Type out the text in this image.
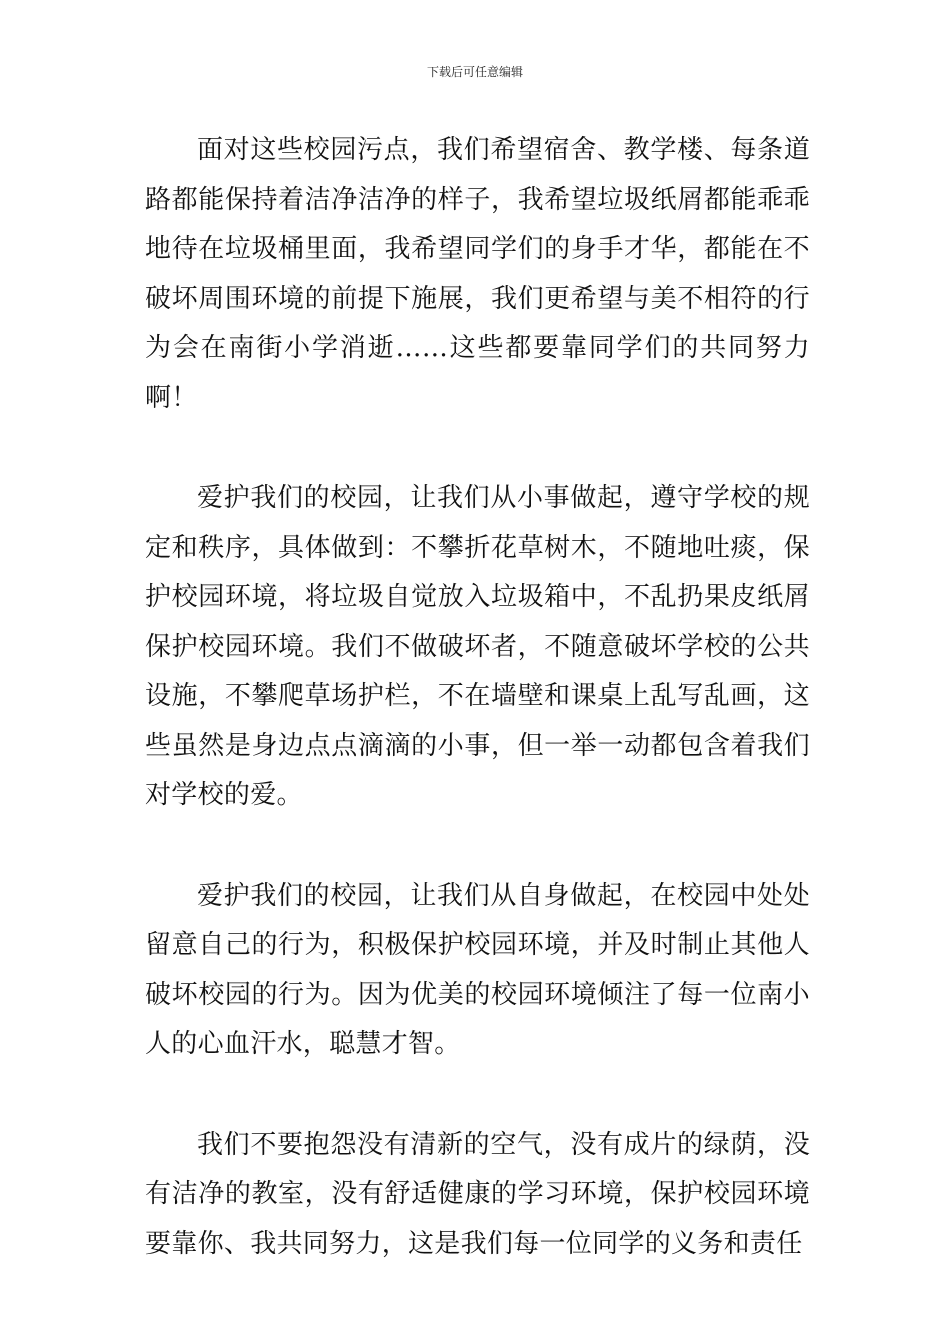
下载后可任意编辑

面对这些校园污点，我们希望宿舍、教学楼、每条道路都能保持着洁净洁净的样子，我希望垃圾纸屑都能乖乖地待在垃圾桶里面，我希望同学们的身手才华，都能在不破坏周围环境的前提下施展，我们更希望与美不相符的行为会在南街小学消逝……这些都要靠同学们的共同努力啊！

爱护我们的校园，让我们从小事做起，遵守学校的规定和秩序，具体做到：不攀折花草树木，不随地吐痰，保护校园环境，将垃圾自觉放入垃圾箱中，不乱扔果皮纸屑保护校园环境。我们不做破坏者，不随意破坏学校的公共设施，不攀爬草场护栏，不在墙壁和课桌上乱写乱画，这些虽然是身边点点滴滴的小事，但一举一动都包含着我们对学校的爱。

爱护我们的校园，让我们从自身做起，在校园中处处留意自己的行为，积极保护校园环境，并及时制止其他人破坏校园的行为。因为优美的校园环境倾注了每一位南小人的心血汗水，聪慧才智。

我们不要抱怨没有清新的空气，没有成片的绿荫，没有洁净的教室，没有舒适健康的学习环境，保护校园环境要靠你、我共同努力，这是我们每一位同学的义务和责任
